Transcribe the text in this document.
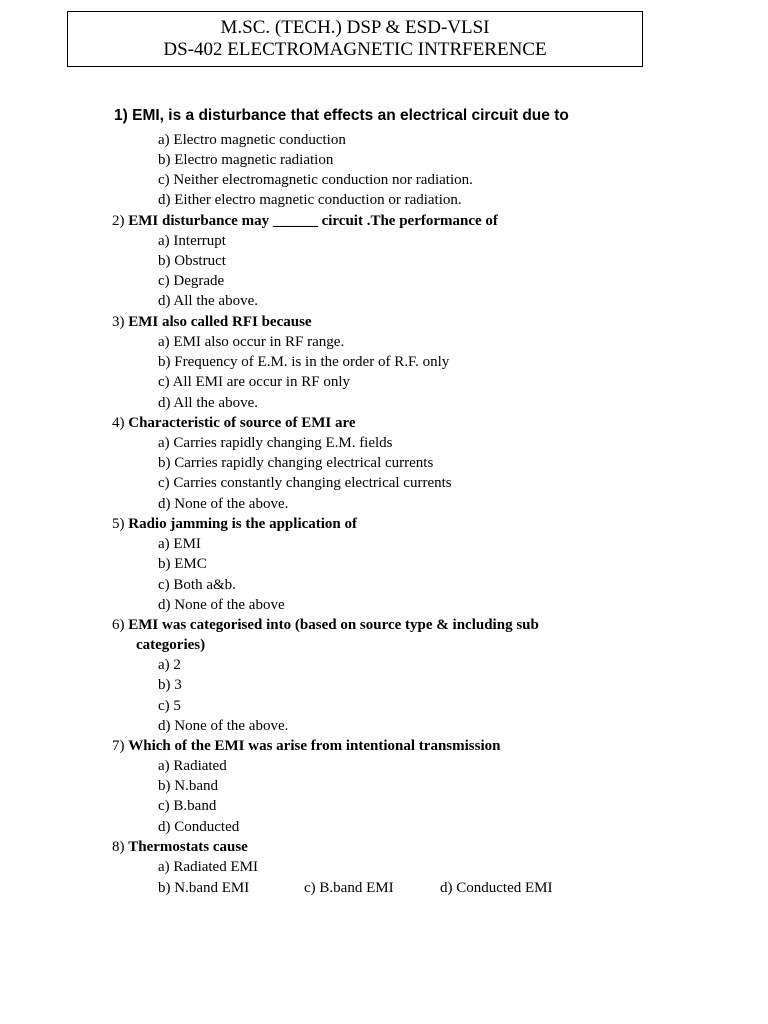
M.SC. (TECH.) DSP & ESD-VLSI
DS-402 ELECTROMAGNETIC INTRFERENCE
1) EMI, is a disturbance that effects an electrical circuit due to
a) Electro magnetic conduction
b) Electro magnetic radiation
c) Neither electromagnetic conduction nor radiation.
d) Either electro magnetic conduction or radiation.
2) EMI disturbance may ______ circuit .The performance of
a) Interrupt
b) Obstruct
c) Degrade
d) All the above.
3) EMI also called RFI because
a) EMI also occur in RF range.
b) Frequency of E.M. is in the order of R.F. only
c) All EMI are occur in RF only
d) All the above.
4) Characteristic of source of EMI are
a) Carries rapidly changing E.M. fields
b) Carries rapidly changing electrical currents
c) Carries constantly changing electrical currents
d) None of the above.
5) Radio jamming is the application of
a) EMI
b) EMC
c) Both a&b.
d) None of the above
6) EMI was categorised into (based on source type & including sub
categories)
a) 2
b) 3
c) 5
d) None of the above.
7) Which of the EMI was arise from intentional transmission
a) Radiated
b) N.band
c) B.band
d) Conducted
8) Thermostats cause
a) Radiated EMI
b) N.band EMI	c) B.band EMI	d) Conducted EMI
